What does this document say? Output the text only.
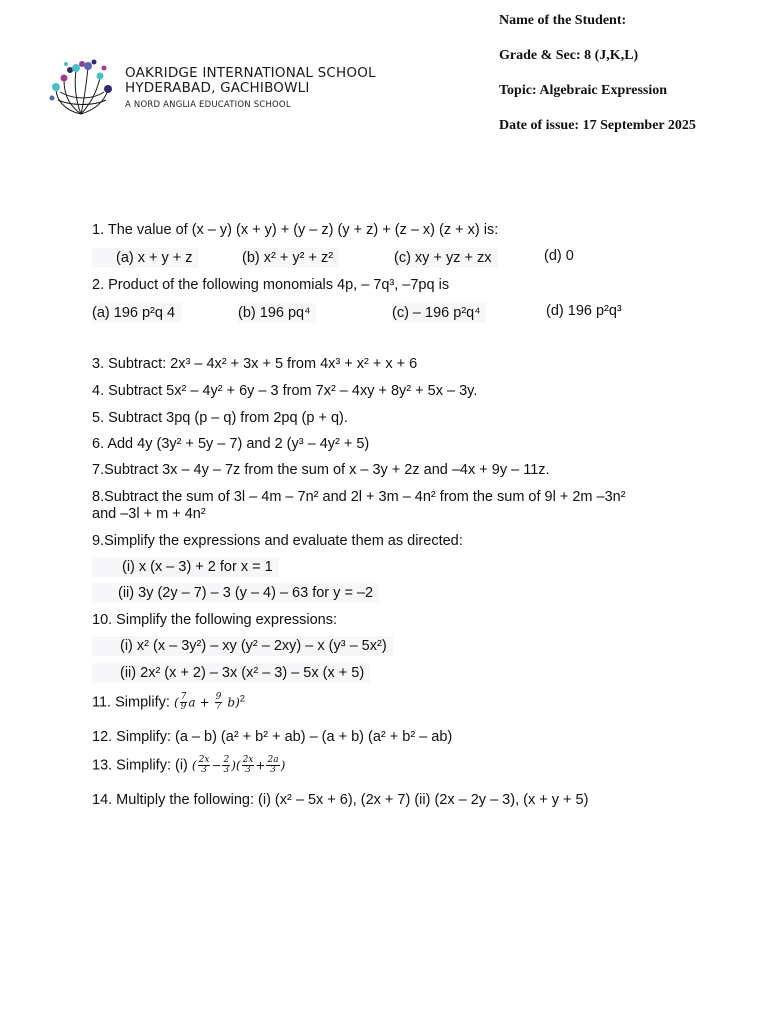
OAKRIDGE INTERNATIONAL SCHOOL
HYDERABAD, GACHIBOWLI
A NORD ANGLIA EDUCATION SCHOOL
Name of the Student:
Grade & Sec: 8 (J,K,L)
Topic: Algebraic Expression
Date of issue: 17 September 2025
1. The value of (x – y) (x + y) + (y – z) (y + z) + (z – x) (z + x) is:
(a) x + y + z	(b) x² + y² + z²	(c) xy + yz + zx	(d) 0
2. Product of the following monomials 4p, – 7q³, –7pq is
(a) 196 p²q 4	(b) 196 pq⁴	(c) – 196 p²q⁴	(d) 196 p²q³
3. Subtract: 2x³ – 4x² + 3x + 5 from 4x³ + x² + x + 6
4. Subtract 5x² – 4y² + 6y – 3 from 7x² – 4xy + 8y² + 5x – 3y.
5. Subtract 3pq (p – q) from 2pq (p + q).
6. Add 4y (3y² + 5y – 7) and 2 (y³ – 4y² + 5)
7.Subtract 3x – 4y – 7z from the sum of x – 3y + 2z and –4x + 9y – 11z.
8.Subtract the sum of 3l – 4m – 7n² and 2l + 3m – 4n² from the sum of 9l + 2m –3n²
and –3l + m + 4n²
9.Simplify the expressions and evaluate them as directed:
(i) x (x – 3) + 2 for x = 1
(ii) 3y (2y – 7) – 3 (y – 4) – 63 for y = –2
10. Simplify the following expressions:
(i) x² (x – 3y²) – xy (y² – 2xy) – x (y³ – 5x²)
(ii) 2x² (x + 2) – 3x (x² – 3) – 5x (x + 5)
11. Simplify: ( $\frac{7}{9}$ $a + \frac{9}{7} b)^2$
12. Simplify: (a – b) (a² + b² + ab) – (a + b) (a² + b² – ab)
13. Simplify: (i) ( $\frac{2x}{3} - \frac{2}{3}$ )( $\frac{2x}{3} + \frac{2a}{3}$ )
14. Multiply the following: (i) (x² – 5x + 6), (2x + 7) (ii) (2x – 2y – 3), (x + y + 5)
